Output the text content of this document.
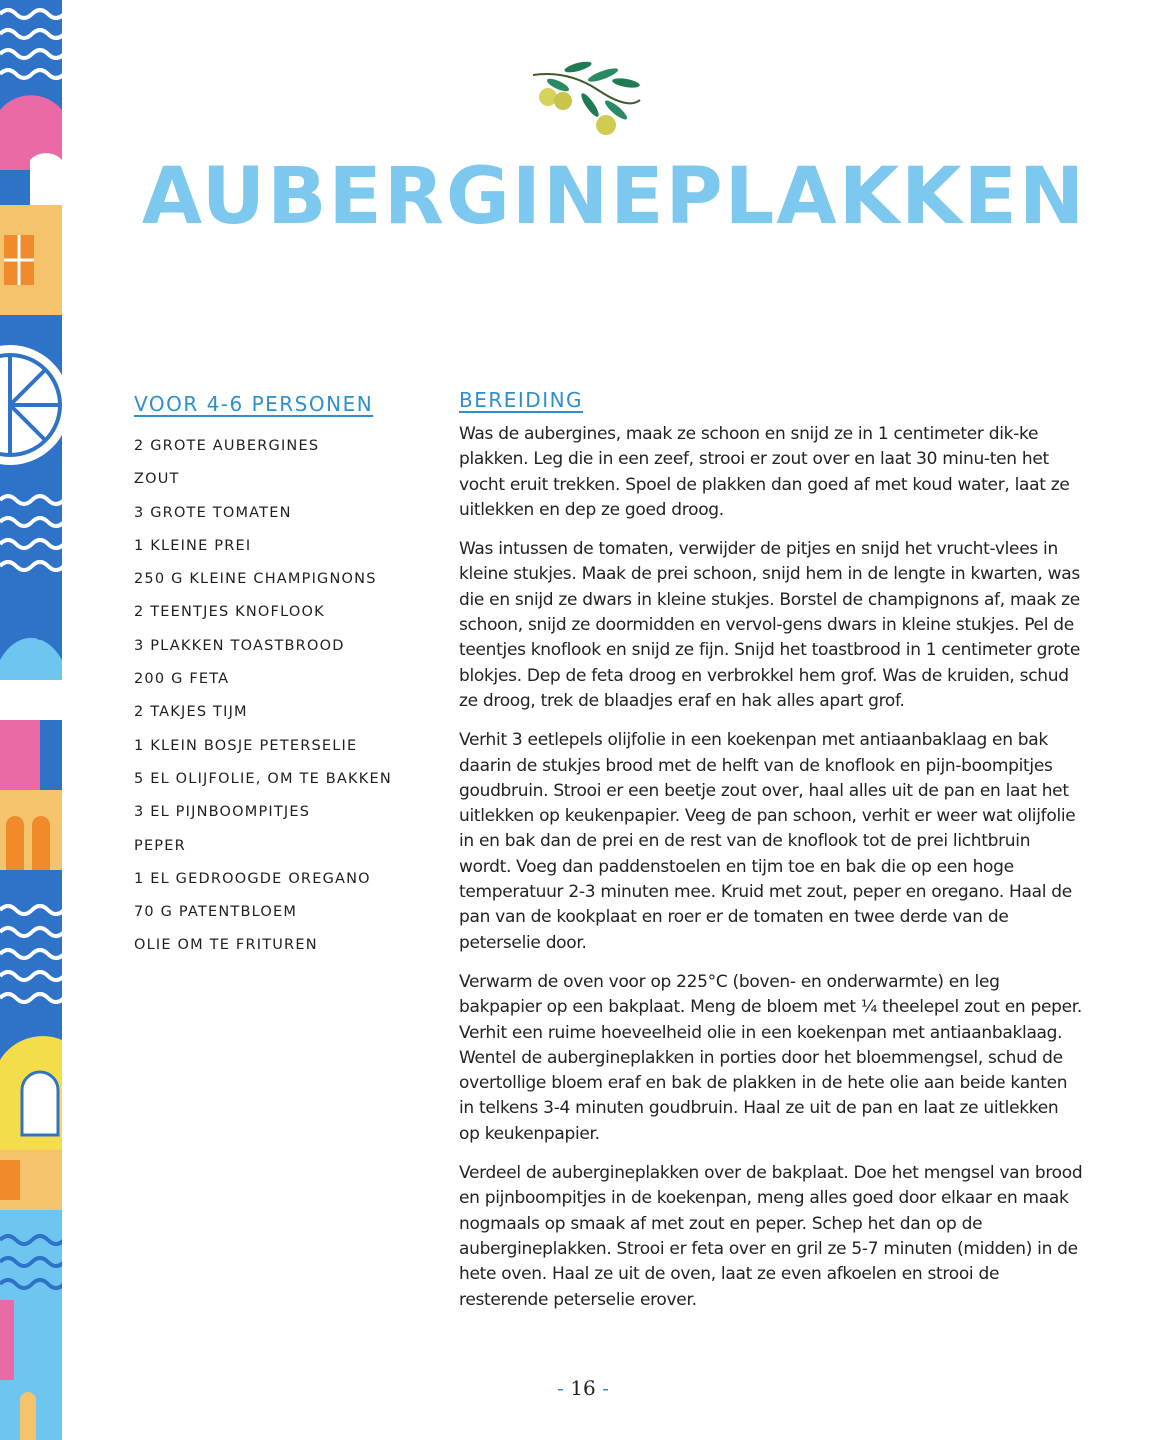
AUBERGINEPLAKKEN
VOOR 4-6 PERSONEN
2 GROTE AUBERGINES
ZOUT
3 GROTE TOMATEN
1 KLEINE PREI
250 G KLEINE CHAMPIGNONS
2 TEENTJES KNOFLOOK
3 PLAKKEN TOASTBROOD
200 G FETA
2 TAKJES TIJM
1 KLEIN BOSJE PETERSELIE
5 EL OLIJFOLIE, OM TE BAKKEN
3 EL PIJNBOOMPITJES
PEPER
1 EL GEDROOGDE OREGANO
70 G PATENTBLOEM
OLIE OM TE FRITUREN
BEREIDING

Was de aubergines, maak ze schoon en snijd ze in 1 centimeter dik-ke plakken. Leg die in een zeef, strooi er zout over en laat 30 minu-ten het vocht eruit trekken. Spoel de plakken dan goed af met koud water, laat ze uitlekken en dep ze goed droog.

Was intussen de tomaten, verwijder de pitjes en snijd het vrucht-vlees in kleine stukjes. Maak de prei schoon, snijd hem in de lengte in kwarten, was die en snijd ze dwars in kleine stukjes. Borstel de champignons af, maak ze schoon, snijd ze doormidden en vervol-gens dwars in kleine stukjes. Pel de teentjes knoflook en snijd ze fijn. Snijd het toastbrood in 1 centimeter grote blokjes. Dep de feta droog en verbrokkel hem grof. Was de kruiden, schud ze droog, trek de blaadjes eraf en hak alles apart grof.

Verhit 3 eetlepels olijfolie in een koekenpan met antiaanbaklaag en bak daarin de stukjes brood met de helft van de knoflook en pijn-boompitjes goudbruin. Strooi er een beetje zout over, haal alles uit de pan en laat het uitlekken op keukenpapier. Veeg de pan schoon, verhit er weer wat olijfolie in en bak dan de prei en de rest van de knoflook tot de prei lichtbruin wordt. Voeg dan paddenstoelen en tijm toe en bak die op een hoge temperatuur 2-3 minuten mee. Kruid met zout, peper en oregano. Haal de pan van de kookplaat en roer er de tomaten en twee derde van de peterselie door.

Verwarm de oven voor op 225°C (boven- en onderwarmte) en leg bakpapier op een bakplaat. Meng de bloem met ¼ theelepel zout en peper. Verhit een ruime hoeveelheid olie in een koekenpan met antiaanbaklaag. Wentel de auberginеplakken in porties door het bloemmengsel, schud de overtollige bloem eraf en bak de plakken in de hete olie aan beide kanten in telkens 3-4 minuten goudbruin. Haal ze uit de pan en laat ze uitlekken op keukenpapier.

Verdeel de aubergineplakken over de bakplaat. Doe het mengsel van brood en pijnboompitjes in de koekenpan, meng alles goed door elkaar en maak nogmaals op smaak af met zout en peper. Schep het dan op de aubergineplakken. Strooi er feta over en gril ze 5-7 minuten (midden) in de hete oven. Haal ze uit de oven, laat ze even afkoelen en strooi de resterende peterselie erover.

- 16 -
